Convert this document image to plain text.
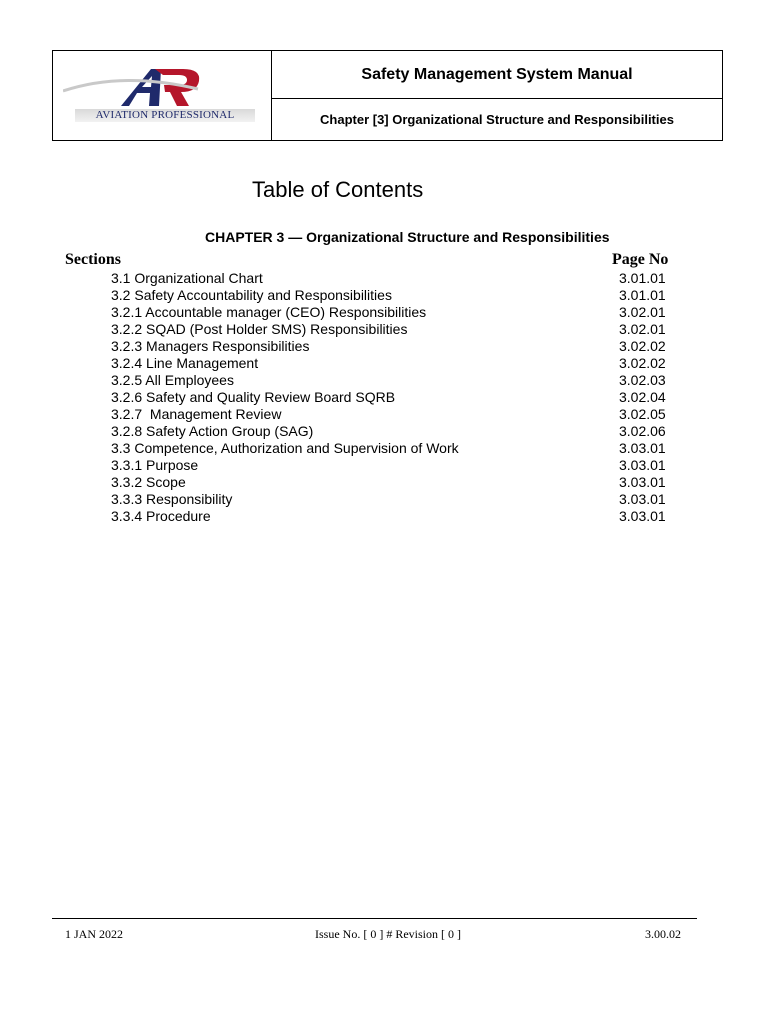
AVIATION PROFESSIONAL
Safety Management System Manual
Chapter [3] Organizational Structure and Responsibilities
Table of Contents
CHAPTER 3 — Organizational Structure and Responsibilities
Sections	Page No
3.1 Organizational Chart	3.01.01
3.2 Safety Accountability and Responsibilities	3.01.01
3.2.1 Accountable manager (CEO) Responsibilities	3.02.01
3.2.2 SQAD (Post Holder SMS) Responsibilities	3.02.01
3.2.3 Managers Responsibilities	3.02.02
3.2.4 Line Management	3.02.02
3.2.5 All Employees	3.02.03
3.2.6 Safety and Quality Review Board SQRB	3.02.04
3.2.7  Management Review	3.02.05
3.2.8 Safety Action Group (SAG)	3.02.06
3.3 Competence, Authorization and Supervision of Work	3.03.01
3.3.1 Purpose	3.03.01
3.3.2 Scope	3.03.01
3.3.3 Responsibility	3.03.01
3.3.4 Procedure	3.03.01
1 JAN 2022	Issue No. [ 0 ] # Revision [ 0 ]	3.00.02
